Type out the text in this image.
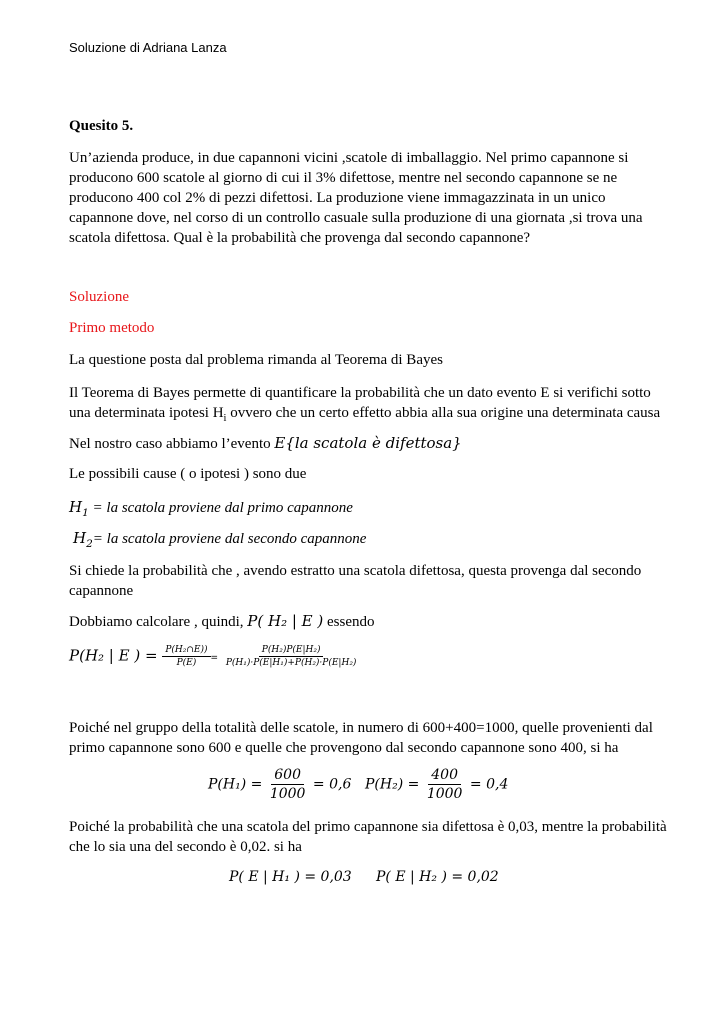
Soluzione di Adriana Lanza
Quesito 5.
Un’azienda produce, in due capannoni vicini ,scatole di imballaggio. Nel primo capannone si producono 600 scatole al giorno di cui il 3% difettose, mentre nel secondo capannone se ne producono 400 col 2% di pezzi difettosi. La produzione viene immagazzinata in un unico capannone dove, nel corso di un controllo casuale sulla produzione di una giornata ,si trova una scatola difettosa. Qual è la probabilità che provenga dal secondo capannone?
Soluzione
Primo metodo
La questione posta dal problema rimanda al Teorema di Bayes
Il Teorema di Bayes permette di quantificare la probabilità che un dato evento E si verifichi sotto una determinata ipotesi $H_i$ ovvero che un certo effetto abbia alla sua origine una determinata causa
Nel nostro caso abbiamo l’evento E{la scatola è difettosa}
Le possibili cause ( o ipotesi ) sono due
$H_1$ = la scatola proviene dal primo capannone
$H_2=$ la scatola proviene dal secondo capannone
Si chiede la probabilità che , avendo estratto una scatola difettosa, questa provenga dal secondo capannone
Dobbiamo calcolare , quindi, P( H₂ | E ) essendo
P(H₂ | E ) = $\frac{\text{P(H₂∩E))}}{P(E)} = \frac{\text{P(H₂)P(E|H₂)}}{\text{P(H₁)·P(E|H₁)+P(H₂)·P(E|H₂)}}$
Poiché nel gruppo della totalità delle scatole, in numero di 600+400=1000, quelle provenienti dal primo capannone sono 600 e quelle che provengono dal secondo capannone sono 400, si ha
$P(H_1) = \frac{600}{1000} = 0,6$ $P(H_2) = \frac{400}{1000} = 0,4$
Poiché la probabilità che una scatola del primo capannone sia difettosa è 0,03, mentre la probabilità che lo sia una del secondo è 0,02. si ha
P( E | H₁ ) = 0,03 P( E | H₂ ) = 0,02
